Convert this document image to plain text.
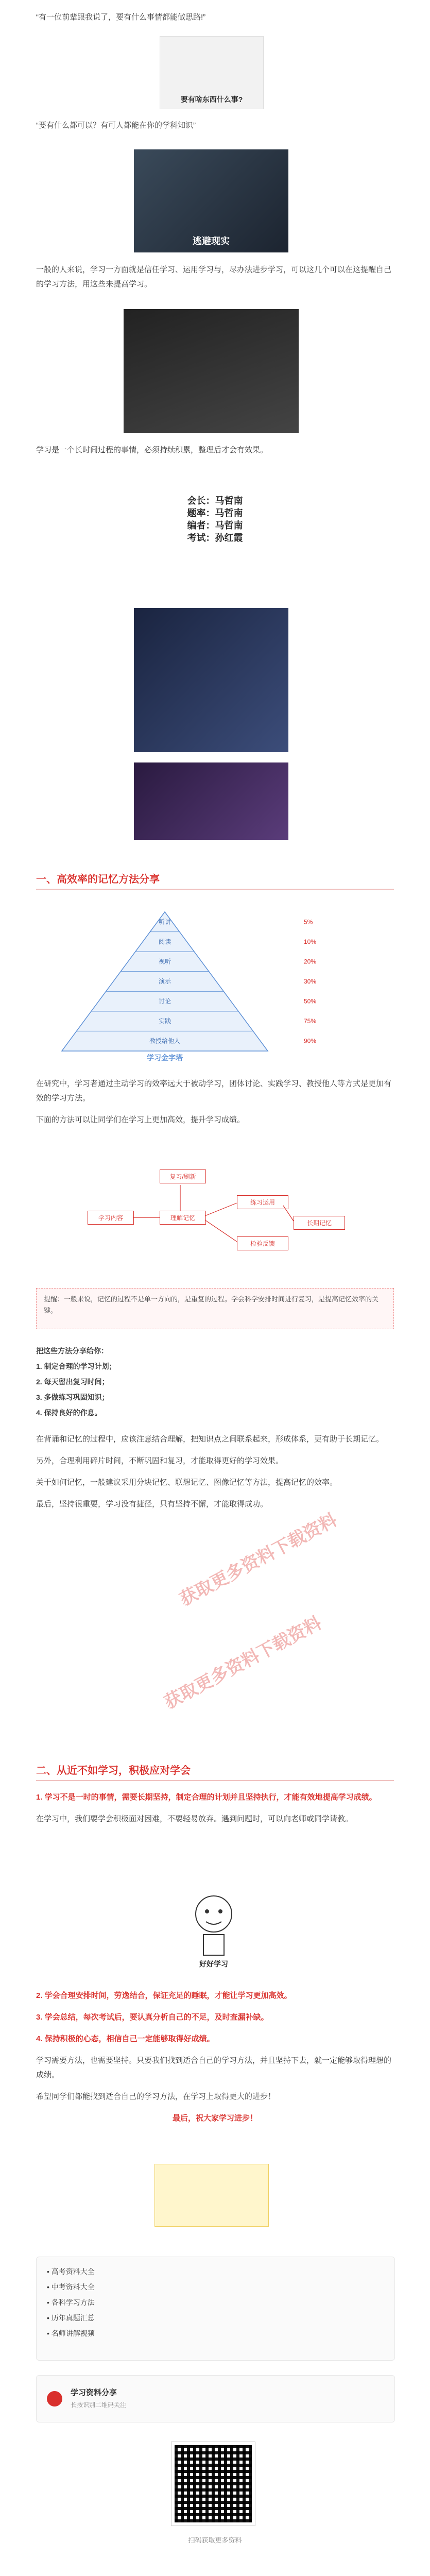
“有一位前辈跟我说了，要有什么事情都能做思路!”

要有啥东西什么事?

“要有什么都可以？有可人都能在你的学科知识”

逃避现实

一般的人来说，学习一方面就是信任学习、运用学习与，尽办法进步学习，可以这几个可以在这提醒自己的学习方法，用这些来提高学习。

学习是一个长时间过程的事情，必须持续积累，整理后才会有效果。

会长：马哲南
题率：马哲南
编者：马哲南
考试：孙红霞
一、高效率的记忆方法分享
听讲	5%
阅读	10%
视听	20%
演示	30%
讨论	50%
实践	75%
教授给他人	90%
学习金字塔

在研究中，学习者通过主动学习的效率远大于被动学习，团体讨论、实践学习、教授他人等方式是更加有效的学习方法。

下面的方法可以让同学们在学习上更加高效，提升学习成绩。

学习内容	理解记忆
复习/刷新
练习运用
检验反馈
长期记忆
提醒：一般来说，记忆的过程不是单一方向的，是重复的过程。学会科学安排时间进行复习，是提高记忆效率的关键。

把这些方法分享给你：

1. 制定合理的学习计划；

2. 每天留出复习时间；

3. 多做练习巩固知识；

4. 保持良好的作息。

在背诵和记忆的过程中，应该注意结合理解，把知识点之间联系起来，形成体系，更有助于长期记忆。

另外，合理利用碎片时间，不断巩固和复习，才能取得更好的学习效果。

关于如何记忆，一般建议采用分块记忆、联想记忆、图像记忆等方法，提高记忆的效率。

最后，坚持很重要，学习没有捷径，只有坚持不懈，才能取得成功。

获取更多资料下载资料
获取更多资料下载资料
二、从近不如学习，积极应对学会

1. 学习不是一时的事情，需要长期坚持，制定合理的计划并且坚持执行，才能有效地提高学习成绩。

在学习中，我们要学会积极面对困难，不要轻易放弃。遇到问题时，可以向老师或同学请教。

好好学习

2. 学会合理安排时间，劳逸结合，保证充足的睡眠，才能让学习更加高效。

3. 学会总结，每次考试后，要认真分析自己的不足，及时查漏补缺。

4. 保持积极的心态，相信自己一定能够取得好成绩。

学习需要方法，也需要坚持。只要我们找到适合自己的学习方法，并且坚持下去，就一定能够取得理想的成绩。

希望同学们都能找到适合自己的学习方法，在学习上取得更大的进步！

最后，祝大家学习进步！

• 高考资料大全

• 中考资料大全

• 各科学习方法

• 历年真题汇总

• 名师讲解视频

学习资料分享
长按识别二维码关注
扫码获取更多资料
